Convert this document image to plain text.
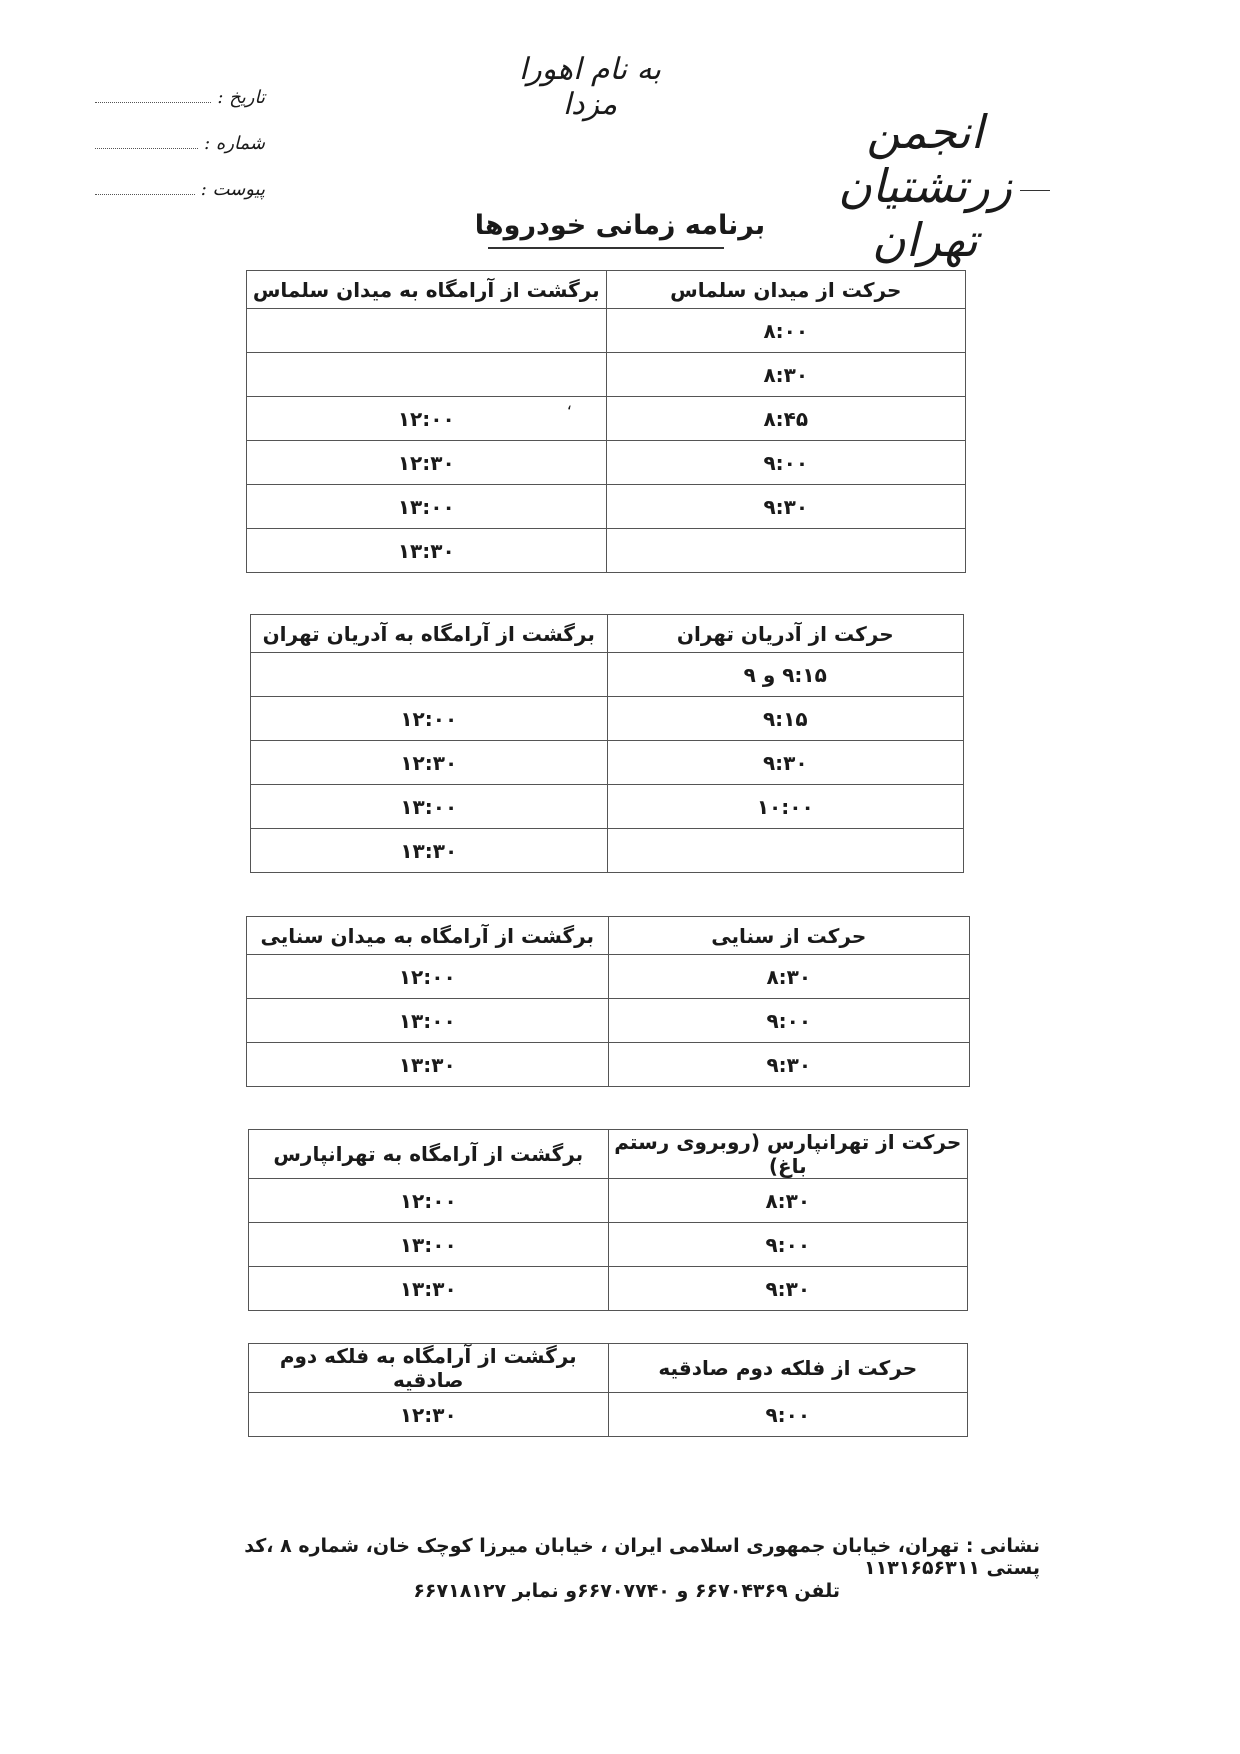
به نام اهورا مزدا
انجمن زرتشتیان تهران
تاریخ :
شماره :
پیوست :
برنامه زمانی خودروها
حرکت از میدان سلماس	برگشت از آرامگاه به میدان سلماس
۸:۰۰	
۸:۳۰	
۸:۴۵	۱۲:۰۰
۹:۰۰	۱۲:۳۰
۹:۳۰	۱۳:۰۰
	۱۳:۳۰
‘
حرکت از آدریان تهران	برگشت از آرامگاه به آدریان تهران
۹:۱۵ و ۹	
۹:۱۵	۱۲:۰۰
۹:۳۰	۱۲:۳۰
۱۰:۰۰	۱۳:۰۰
	۱۳:۳۰
حرکت از سنایی	برگشت از آرامگاه به میدان سنایی
۸:۳۰	۱۲:۰۰
۹:۰۰	۱۳:۰۰
۹:۳۰	۱۳:۳۰
حرکت از تهرانپارس (روبروی رستم باغ)	برگشت از آرامگاه به تهرانپارس
۸:۳۰	۱۲:۰۰
۹:۰۰	۱۳:۰۰
۹:۳۰	۱۳:۳۰
حرکت از فلکه دوم صادقیه	برگشت از آرامگاه به فلکه دوم صادقیه
۹:۰۰	۱۲:۳۰
نشانی : تهران، خیابان جمهوری اسلامی ایران ، خیابان میرزا کوچک خان، شماره ۸ ،کد پستی ۱۱۳۱۶۵۶۳۱۱
تلفن ۶۶۷۰۴۳۶۹ و ۶۶۷۰۷۷۴۰و نمابر ۶۶۷۱۸۱۲۷
